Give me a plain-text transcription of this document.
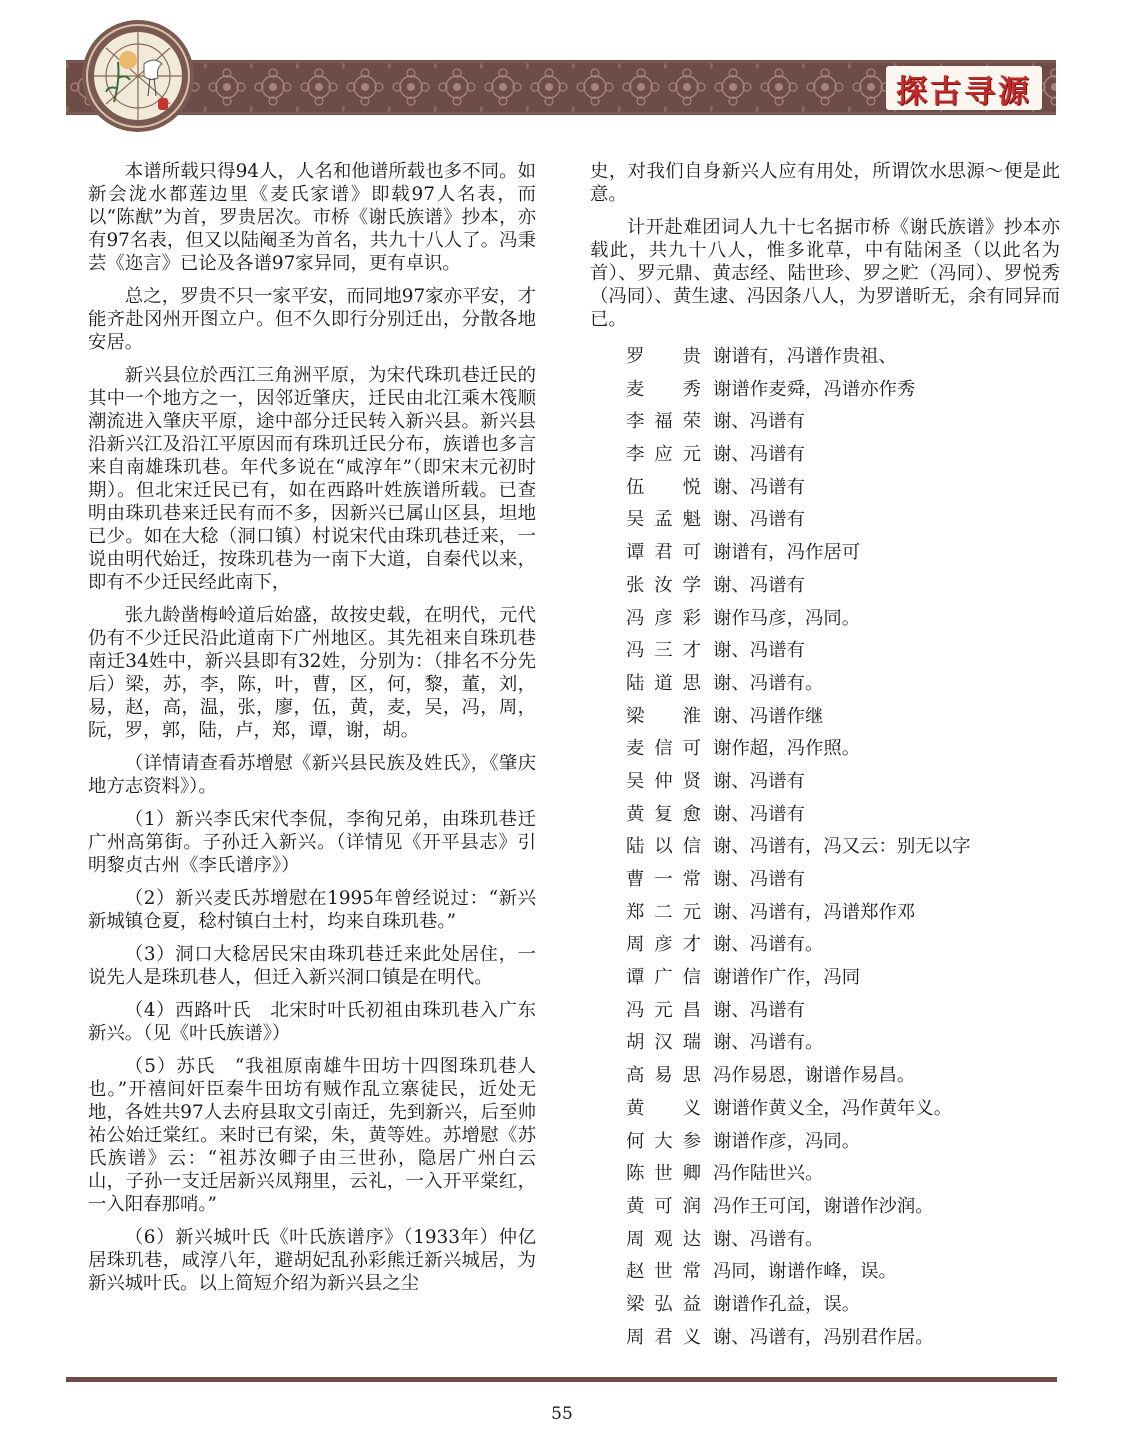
探古寻源

本谱所载只得94人，人名和他谱所载也多不同。如新会泷水都莲边里《麦氏家谱》即载97人名表，而以“陈猷”为首，罗贵居次。市桥《谢氏族谱》抄本，亦有97名表，但又以陆阉圣为首名，共九十八人了。冯秉芸《迩言》已论及各谱97家异同，更有卓识。

总之，罗贵不只一家平安，而同地97家亦平安，才能齐赴冈州开图立户。但不久即行分别迁出，分散各地安居。

新兴县位於西江三角洲平原，为宋代珠玑巷迁民的其中一个地方之一，因邻近肇庆，迁民由北江乘木筏顺潮流进入肇庆平原，途中部分迁民转入新兴县。新兴县沿新兴江及沿江平原因而有珠玑迁民分布，族谱也多言来自南雄珠玑巷。年代多说在“咸淳年”（即宋末元初时期）。但北宋迁民已有，如在西路叶姓族谱所载。已查明由珠玑巷来迁民有而不多，因新兴已属山区县，坦地已少。如在大稔（洞口镇）村说宋代由珠玑巷迁来，一说由明代始迁，按珠玑巷为一南下大道，自秦代以来，即有不少迁民经此南下，

张九龄凿梅岭道后始盛，故按史载，在明代，元代仍有不少迁民沿此道南下广州地区。其先祖来自珠玑巷南迁34姓中，新兴县即有32姓，分别为：（排名不分先后）梁，苏，李，陈，叶，曹，区，何，黎，董，刘，易，赵，高，温，张，廖，伍，黄，麦，吴，冯，周，阮，罗，郭，陆，卢，郑，谭，谢，胡。

（详情请查看苏增慰《新兴县民族及姓氏》，《肇庆地方志资料》）。

（1）新兴李氏宋代李侃，李徇兄弟，由珠玑巷迁广州高第街。子孙迁入新兴。（详情见《开平县志》引明黎贞古州《李氏谱序》）

（2）新兴麦氏苏增慰在1995年曾经说过：“新兴新城镇仓夏，稔村镇白土村，均来自珠玑巷。”

（3）洞口大稔居民宋由珠玑巷迁来此处居住，一说先人是珠玑巷人，但迁入新兴洞口镇是在明代。

（4）西路叶氏　北宋时叶氏初祖由珠玑巷入广东新兴。（见《叶氏族谱》）

（5）苏氏　“我祖原南雄牛田坊十四图珠玑巷人也。”开禧间奸臣秦牛田坊有贼作乱立寨徒民，近处无地，各姓共97人去府县取文引南迁，先到新兴，后至帅祐公始迁棠红。来时已有梁，朱，黄等姓。苏增慰《苏氏族谱》云：“祖苏汝卿子由三世孙，隐居广州白云山，子孙一支迁居新兴凤翔里，云礼，一入开平棠红，一入阳春那哨。”

（6）新兴城叶氏《叶氏族谱序》（1933年）仲亿居珠玑巷，咸淳八年，避胡妃乱孙彩熊迁新兴城居，为新兴城叶氏。以上简短介绍为新兴县之尘

史，对我们自身新兴人应有用处，所谓饮水思源～便是此意。

计开赴难团词人九十七名据市桥《谢氏族谱》抄本亦载此，共九十八人，惟多讹草，中有陆闲圣（以此名为首）、罗元鼎、黄志经、陆世珍、罗之贮（冯同）、罗悦秀（冯同）、黄生逮、冯因条八人，为罗谱昕无，余有同异而已。

罗贵 谢谱有，冯谱作贵祖、
麦秀 谢谱作麦舜，冯谱亦作秀
李福荣 谢、冯谱有
李应元 谢、冯谱有
伍悦 谢、冯谱有
吴孟魁 谢、冯谱有
谭君可 谢谱有，冯作居可
张汝学 谢、冯谱有
冯彦彩 谢作马彦，冯同。
冯三才 谢、冯谱有
陆道思 谢、冯谱有。
梁淮 谢、冯谱作继
麦信可 谢作超，冯作照。
吴仲贤 谢、冯谱有
黄复愈 谢、冯谱有
陆以信 谢、冯谱有，冯又云：别无以字
曹一常 谢、冯谱有
郑二元 谢、冯谱有，冯谱郑作邓
周彦才 谢、冯谱有。
谭广信 谢谱作广作，冯同
冯元昌 谢、冯谱有
胡汉瑞 谢、冯谱有。
高易思 冯作易恩，谢谱作易昌。
黄义 谢谱作黄义全，冯作黄年义。
何大参 谢谱作彦，冯同。
陈世卿 冯作陆世兴。
黄可润 冯作王可闰，谢谱作沙润。
周观达 谢、冯谱有。
赵世常 冯同，谢谱作峰，误。
梁弘益 谢谱作孔益，误。
周君义 谢、冯谱有，冯别君作居。
55
